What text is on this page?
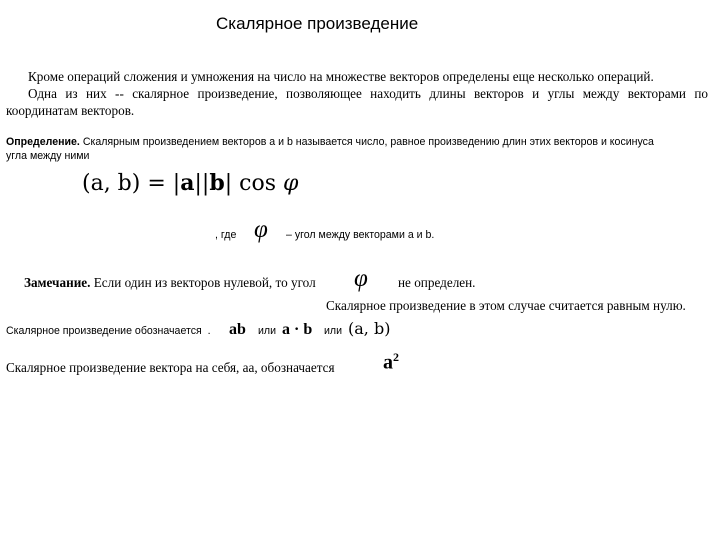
Скалярное произведение
Кроме операций сложения и умножения на число на множестве векторов определены еще несколько операций.
Одна из них -- скалярное произведение, позволяющее находить длины векторов и углы между векторами по
координатам векторов.
Определение. Скалярным произведением векторов a и b называется число, равное произведению длин этих векторов и косинуса
угла между ними
(a, b) = |a||b| cos φ
, где φ – угол между векторами a и b.
Замечание. Если один из векторов нулевой, то угол φ не определен.
Скалярное произведение в этом случае считается равным нулю.
Скалярное произведение обозначается . ab или a · b или (a, b)
Скалярное произведение вектора на себя, aa, обозначается $a^2$
